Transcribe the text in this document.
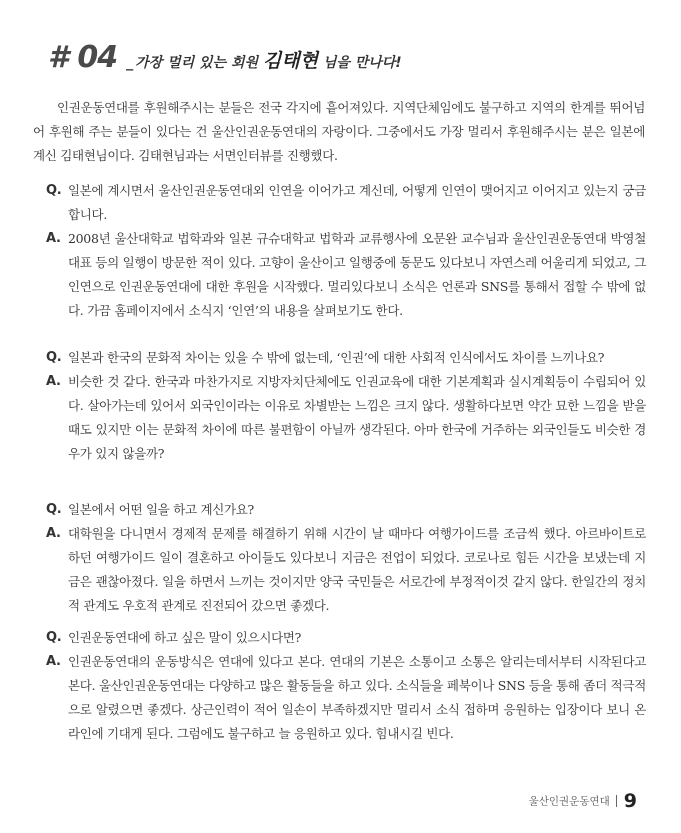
# 04 _ 가장 멀리 있는 회원 김태현 님을 만나다!

인권운동연대를 후원해주시는 분들은 전국 각지에 흩어져있다. 지역단체임에도 불구하고 지역의 한계를 뛰어넘어 후원해 주는 분들이 있다는 건 울산인권운동연대의 자랑이다. 그중에서도 가장 멀리서 후원해주시는 분은 일본에 계신 김태현님이다. 김태현님과는 서면인터뷰를 진행했다.

Q. 일본에 계시면서 울산인권운동연대외 인연을 이어가고 계신데, 어떻게 인연이 맺어지고 이어지고 있는지 궁금합니다.
A. 2008년 울산대학교 법학과와 일본 규슈대학교 법학과 교류행사에 오문완 교수님과 울산인권운동연대 박영철 대표 등의 일행이 방문한 적이 있다. 고향이 울산이고 일행중에 동문도 있다보니 자연스레 어울리게 되었고, 그 인연으로 인권운동연대에 대한 후원을 시작했다. 멀리있다보니 소식은 언론과 SNS를 통해서 접할 수 밖에 없다. 가끔 홈페이지에서 소식지 ‘인연’의 내용을 살펴보기도 한다.
Q. 일본과 한국의 문화적 차이는 있을 수 밖에 없는데, ‘인권’에 대한 사회적 인식에서도 차이를 느끼나요?
A. 비슷한 것 같다. 한국과 마찬가지로 지방자치단체에도 인권교육에 대한 기본계획과 실시계획등이 수립되어 있다. 살아가는데 있어서 외국인이라는 이유로 차별받는 느낌은 크지 않다. 생활하다보면 약간 묘한 느낌을 받을 때도 있지만 이는 문화적 차이에 따른 불편함이 아닐까 생각된다. 아마 한국에 거주하는 외국인들도 비슷한 경우가 있지 않을까?
Q. 일본에서 어떤 일을 하고 계신가요?
A. 대학원을 다니면서 경제적 문제를 해결하기 위해 시간이 날 때마다 여행가이드를 조금씩 했다. 아르바이트로 하던 여행가이드 일이 결혼하고 아이들도 있다보니 지금은 전업이 되었다. 코로나로 힘든 시간을 보냈는데 지금은 괜찮아졌다. 일을 하면서 느끼는 것이지만 양국 국민들은 서로간에 부정적이것 같지 않다. 한일간의 정치적 관계도 우호적 관계로 진전되어 갔으면 좋겠다.
Q. 인권운동연대에 하고 싶은 말이 있으시다면?
A. 인권운동연대의 운동방식은 연대에 있다고 본다. 연대의 기본은 소통이고 소통은 알리는데서부터 시작된다고 본다. 울산인권운동연대는 다양하고 많은 활동들을 하고 있다. 소식들을 페북이나 SNS 등을 통해 좀더 적극적으로 알렸으면 좋겠다. 상근인력이 적어 일손이 부족하겠지만 멀리서 소식 접하며 응원하는 입장이다 보니 온라인에 기대게 된다. 그럼에도 불구하고 늘 응원하고 있다. 힘내시길 빈다.
울산인권운동연대 9
